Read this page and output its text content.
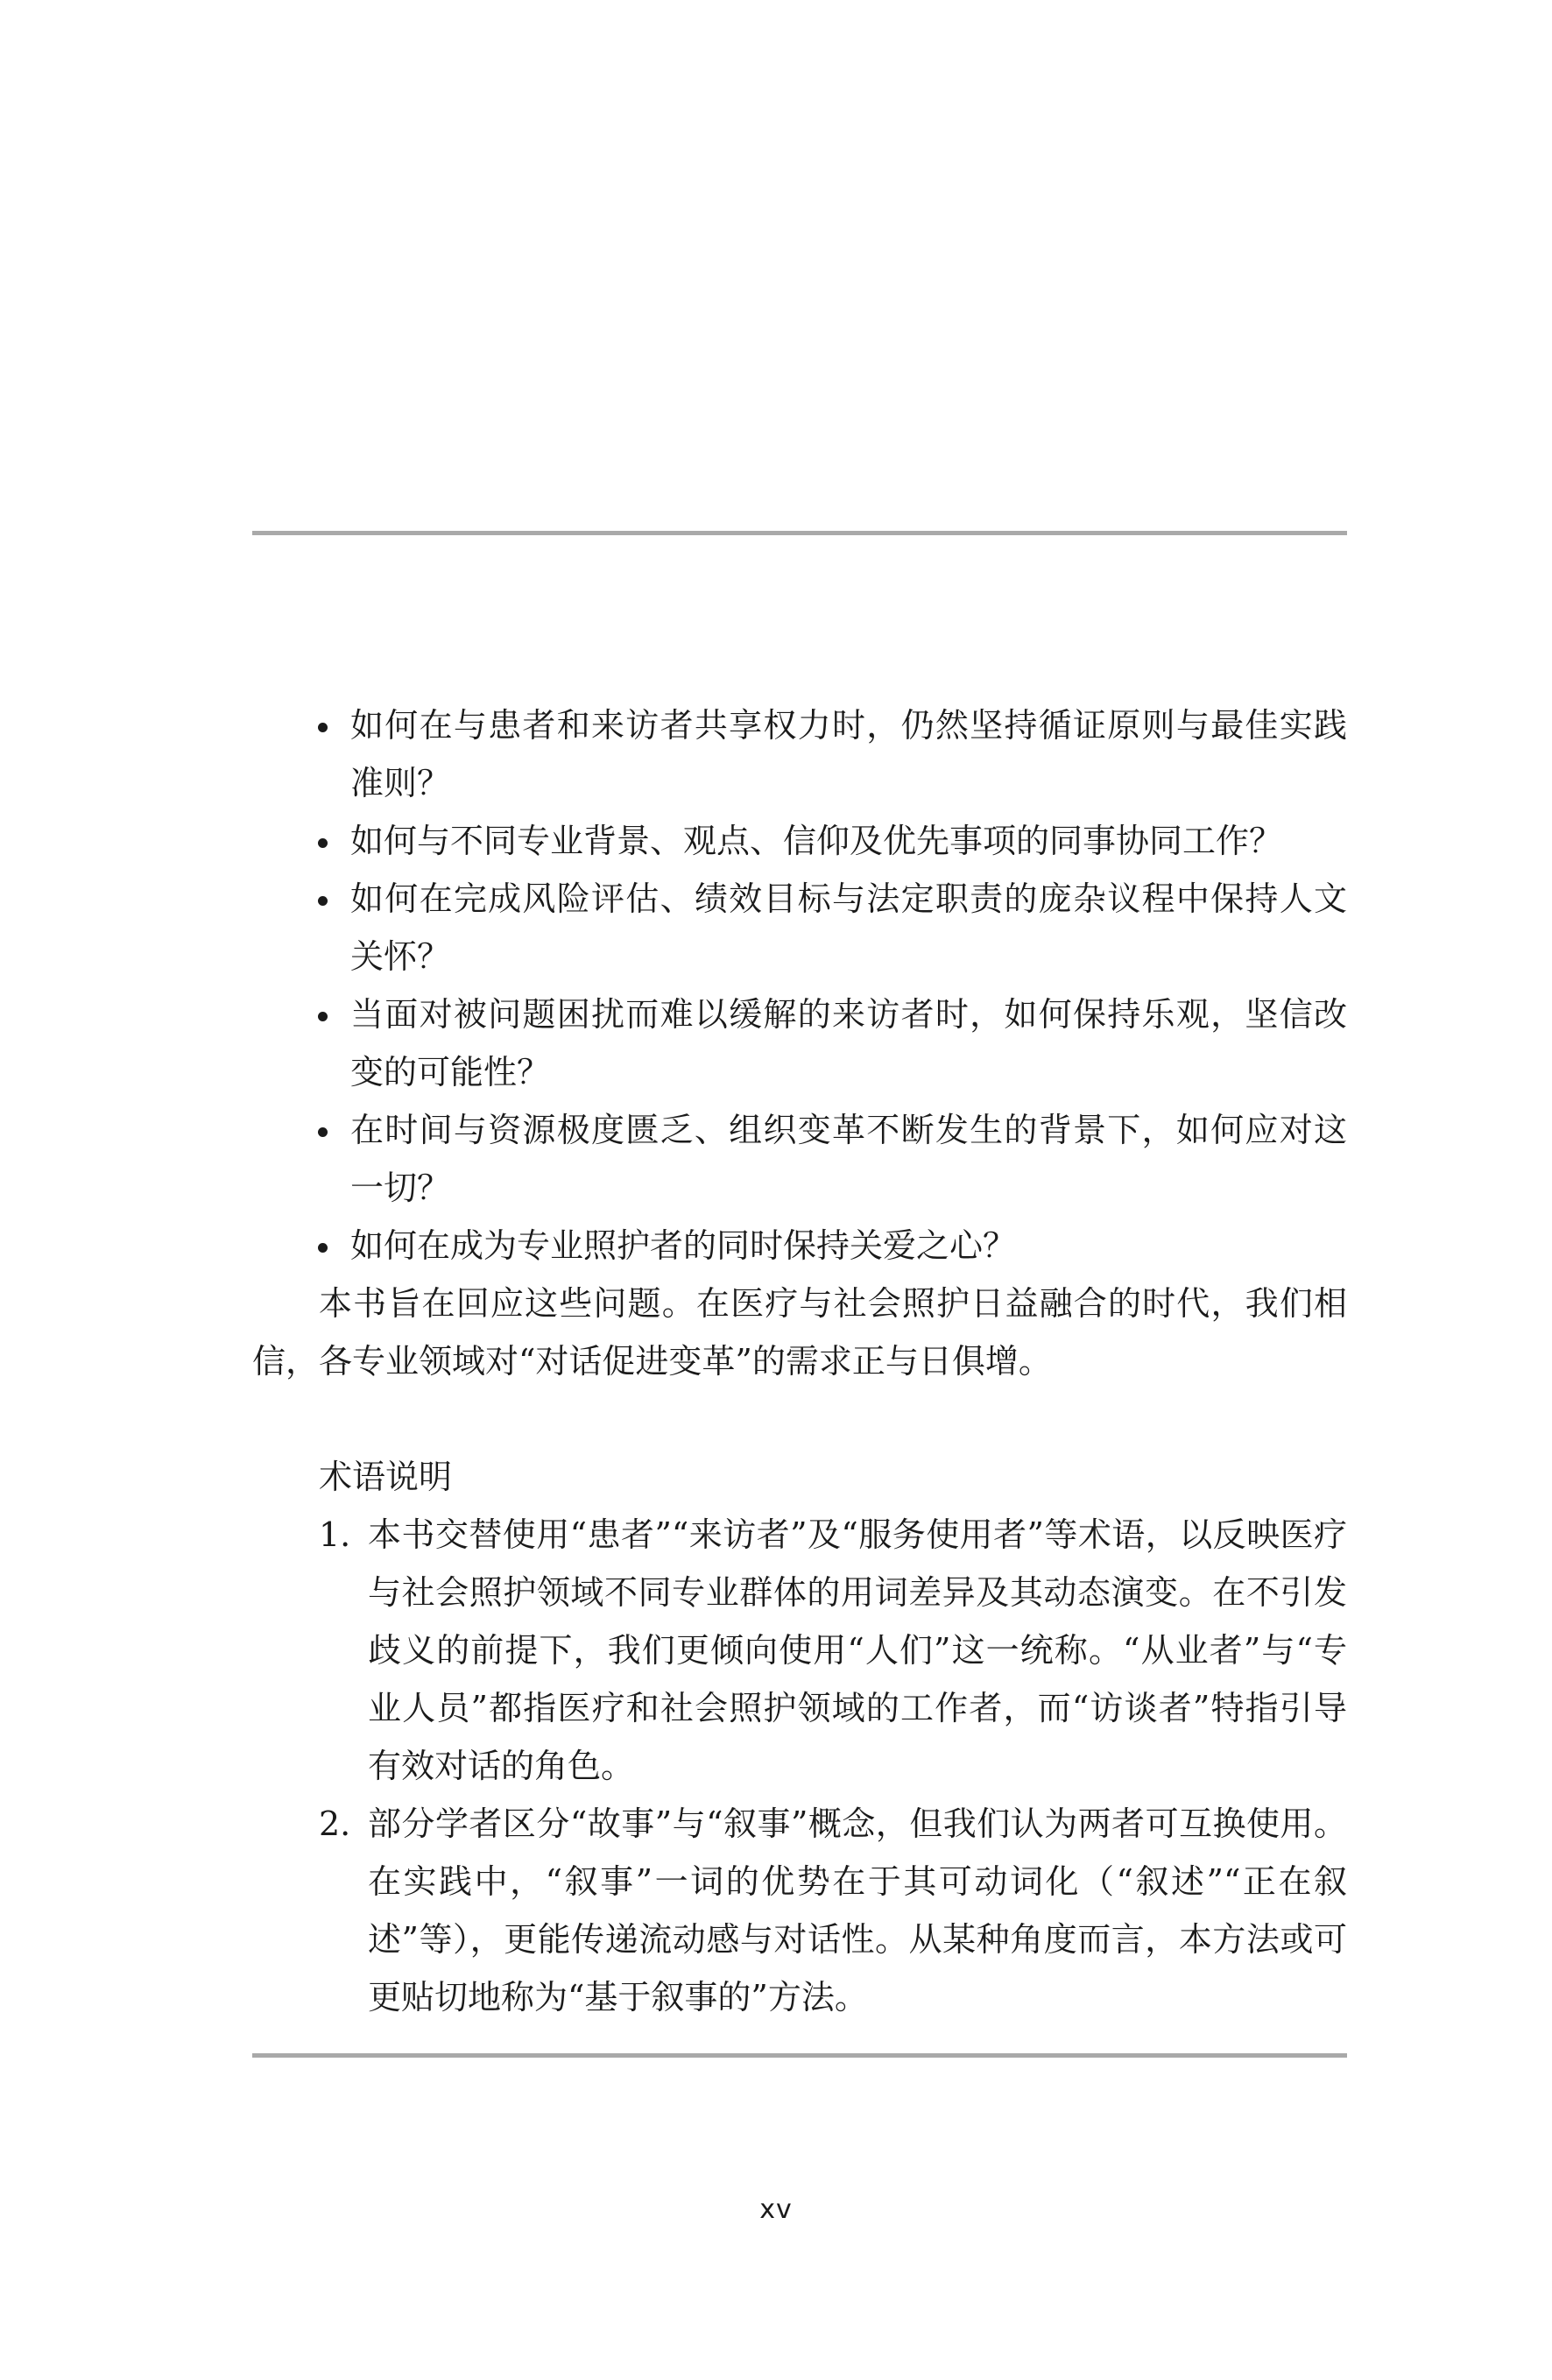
如何在与患者和来访者共享权力时，仍然坚持循证原则与最佳实践准则？
如何与不同专业背景、观点、信仰及优先事项的同事协同工作？
如何在完成风险评估、绩效目标与法定职责的庞杂议程中保持人文关怀？
当面对被问题困扰而难以缓解的来访者时，如何保持乐观，坚信改变的可能性？
在时间与资源极度匮乏、组织变革不断发生的背景下，如何应对这一切？
如何在成为专业照护者的同时保持关爱之心？

本书旨在回应这些问题。在医疗与社会照护日益融合的时代，我们相信，各专业领域对“对话促进变革”的需求正与日俱增。

术语说明
1. 本书交替使用“患者”“来访者”及“服务使用者”等术语，以反映医疗与社会照护领域不同专业群体的用词差异及其动态演变。在不引发歧义的前提下，我们更倾向使用“人们”这一统称。“从业者”与“专业人员”都指医疗和社会照护领域的工作者，而“访谈者”特指引导有效对话的角色。
2. 部分学者区分“故事”与“叙事”概念，但我们认为两者可互换使用。在实践中，“叙事”一词的优势在于其可动词化（“叙述”“正在叙述”等），更能传递流动感与对话性。从某种角度而言，本方法或可更贴切地称为“基于叙事的”方法。
xv
